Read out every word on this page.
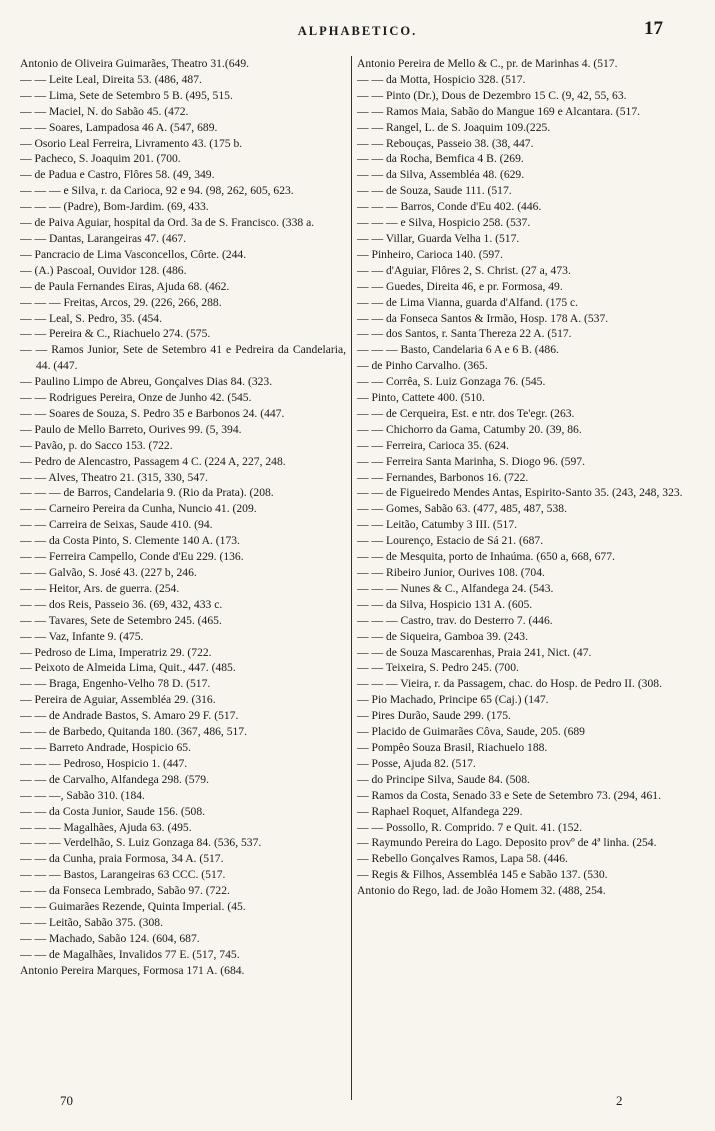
ALPHABETICO.	17

Antonio de Oliveira Guimarães, Theatro 31.(649.

— — Leite Leal, Direita 53. (486, 487.

— — Lima, Sete de Setembro 5 B. (495, 515.

— — Maciel, N. do Sabão 45. (472.

— — Soares, Lampadosa 46 A. (547, 689.

— Osorio Leal Ferreira, Livramento 43. (175 b.

— Pacheco, S. Joaquim 201. (700.

— de Padua e Castro, Flôres 58. (49, 349.

— — — e Silva, r. da Carioca, 92 e 94. (98, 262, 605, 623.

— — — (Padre), Bom-Jardim. (69, 433.

— de Paiva Aguiar, hospital da Ord. 3a de S. Francisco. (338 a.

— — Dantas, Larangeiras 47. (467.

— Pancracio de Lima Vasconcellos, Côrte. (244.

— (A.) Pascoal, Ouvidor 128. (486.

— de Paula Fernandes Eiras, Ajuda 68. (462.

— — — Freitas, Arcos, 29. (226, 266, 288.

— — Leal, S. Pedro, 35. (454.

— — Pereira & C., Riachuelo 274. (575.

— — Ramos Junior, Sete de Setembro 41 e Pedreira da Candelaria, 44. (447.

— Paulino Limpo de Abreu, Gonçalves Dias 84. (323.

— — Rodrigues Pereira, Onze de Junho 42. (545.

— — Soares de Souza, S. Pedro 35 e Barbonos 24. (447.

— Paulo de Mello Barreto, Ourives 99. (5, 394.

— Pavão, p. do Sacco 153. (722.

— Pedro de Alencastro, Passagem 4 C. (224 A, 227, 248.

— — Alves, Theatro 21. (315, 330, 547.

— — — de Barros, Candelaria 9. (Rio da Prata). (208.

— — Carneiro Pereira da Cunha, Nuncio 41. (209.

— — Carreira de Seixas, Saude 410. (94.

— — da Costa Pinto, S. Clemente 140 A. (173.

— — Ferreira Campello, Conde d'Eu 229. (136.

— — Galvão, S. José 43. (227 b, 246.

— — Heitor, Ars. de guerra. (254.

— — dos Reis, Passeio 36. (69, 432, 433 c.

— — Tavares, Sete de Setembro 245. (465.

— — Vaz, Infante 9. (475.

— Pedroso de Lima, Imperatriz 29. (722.

— Peixoto de Almeida Lima, Quit., 447. (485.

— — Braga, Engenho-Velho 78 D. (517.

— Pereira de Aguiar, Assembléa 29. (316.

— — de Andrade Bastos, S. Amaro 29 F. (517.

— — de Barbedo, Quitanda 180. (367, 486, 517.

— — Barreto Andrade, Hospicio 65.

— — — Pedroso, Hospicio 1. (447.

— — de Carvalho, Alfandega 298. (579.

— — —, Sabão 310. (184.

— — da Costa Junior, Saude 156. (508.

— — — Magalhães, Ajuda 63. (495.

— — — Verdelhão, S. Luiz Gonzaga 84. (536, 537.

— — da Cunha, praia Formosa, 34 A. (517.

— — — Bastos, Larangeiras 63 CCC. (517.

— — da Fonseca Lembrado, Sabão 97. (722.

— — Guimarães Rezende, Quinta Imperial. (45.

— — Leitão, Sabão 375. (308.

— — Machado, Sabão 124. (604, 687.

— — de Magalhães, Invalidos 77 E. (517, 745.

Antonio Pereira Marques, Formosa 171 A. (684.

Antonio Pereira de Mello & C., pr. de Marinhas 4. (517.

— — da Motta, Hospicio 328. (517.

— — Pinto (Dr.), Dous de Dezembro 15 C. (9, 42, 55, 63.

— — Ramos Maia, Sabão do Mangue 169 e Alcantara. (517.

— — Rangel, L. de S. Joaquim 109.(225.

— — Rebouças, Passeio 38. (38, 447.

— — da Rocha, Bemfica 4 B. (269.

— — da Silva, Assembléa 48. (629.

— — de Souza, Saude 111. (517.

— — — Barros, Conde d'Eu 402. (446.

— — — e Silva, Hospicio 258. (537.

— — Villar, Guarda Velha 1. (517.

— Pinheiro, Carioca 140. (597.

— — d'Aguiar, Flôres 2, S. Christ. (27 a, 473.

— — Guedes, Direita 46, e pr. Formosa, 49.

— — de Lima Vianna, guarda d'Alfand. (175 c.

— — da Fonseca Santos & Irmão, Hosp. 178 A. (537.

— — dos Santos, r. Santa Thereza 22 A. (517.

— — — Basto, Candelaria 6 A e 6 B. (486.

— de Pinho Carvalho. (365.

— — Corrêa, S. Luiz Gonzaga 76. (545.

— Pinto, Cattete 400. (510.

— — de Cerqueira, Est. e ntr. dos Te'egr. (263.

— — Chichorro da Gama, Catumby 20. (39, 86.

— — Ferreira, Carioca 35. (624.

— — Ferreira Santa Marinha, S. Diogo 96. (597.

— — Fernandes, Barbonos 16. (722.

— — de Figueiredo Mendes Antas, Espirito-Santo 35. (243, 248, 323.

— — Gomes, Sabão 63. (477, 485, 487, 538.

— — Leitão, Catumby 3 III. (517.

— — Lourenço, Estacio de Sá 21. (687.

— — de Mesquita, porto de Inhaúma. (650 a, 668, 677.

— — Ribeiro Junior, Ourives 108. (704.

— — — Nunes & C., Alfandega 24. (543.

— — da Silva, Hospicio 131 A. (605.

— — — Castro, trav. do Desterro 7. (446.

— — de Siqueira, Gamboa 39. (243.

— — de Souza Mascarenhas, Praia 241, Nict. (47.

— — Teixeira, S. Pedro 245. (700.

— — — Vieira, r. da Passagem, chac. do Hosp. de Pedro II. (308.

— Pio Machado, Principe 65 (Caj.) (147.

— Pires Durão, Saude 299. (175.

— Placido de Guimarães Côva, Saude, 205. (689

— Pompêo Souza Brasil, Riachuelo 188.

— Posse, Ajuda 82. (517.

— do Principe Silva, Saude 84. (508.

— Ramos da Costa, Senado 33 e Sete de Setembro 73. (294, 461.

— Raphael Roquet, Alfandega 229.

— — Possollo, R. Comprido. 7 e Quit. 41. (152.

— Raymundo Pereira do Lago. Deposito provº de 4ª linha. (254.

— Rebello Gonçalves Ramos, Lapa 58. (446.

— Regis & Filhos, Assembléa 145 e Sabão 137. (530.

Antonio do Rego, lad. de João Homem 32. (488, 254.

70	2
